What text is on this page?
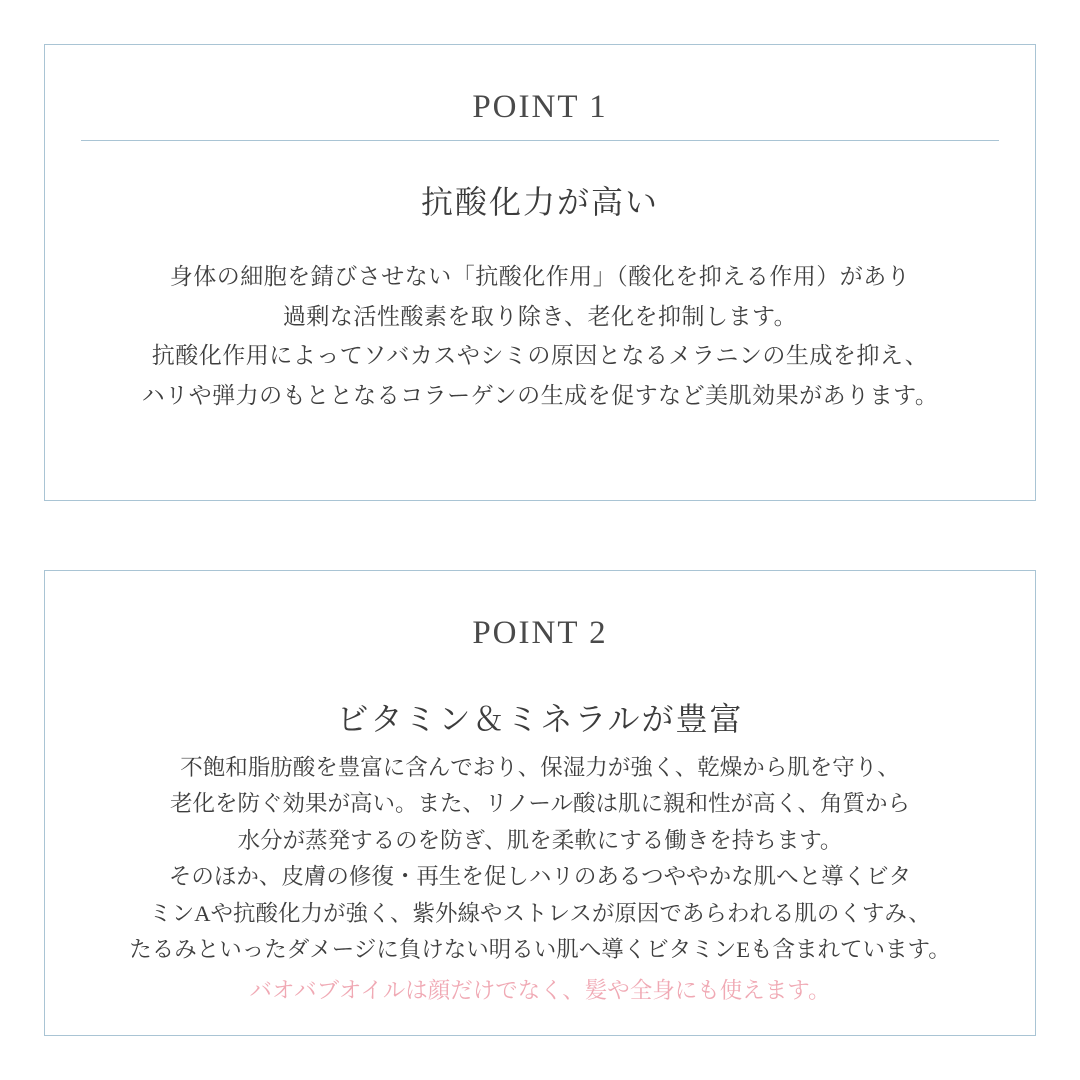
POINT 1
抗酸化力が高い
身体の細胞を錆びさせない「抗酸化作用」（酸化を抑える作用）があり
過剰な活性酸素を取り除き、老化を抑制します。
抗酸化作用によってソバカスやシミの原因となるメラニンの生成を抑え、
ハリや弾力のもととなるコラーゲンの生成を促すなど美肌効果があります。
POINT 2
ビタミン＆ミネラルが豊富
不飽和脂肪酸を豊富に含んでおり、保湿力が強く、乾燥から肌を守り、
老化を防ぐ効果が高い。また、リノール酸は肌に親和性が高く、角質から
水分が蒸発するのを防ぎ、肌を柔軟にする働きを持ちます。
そのほか、皮膚の修復・再生を促しハリのあるつややかな肌へと導くビタ
ミンAや抗酸化力が強く、紫外線やストレスが原因であらわれる肌のくすみ、
たるみといったダメージに負けない明るい肌へ導くビタミンEも含まれています。
バオバブオイルは顔だけでなく、髪や全身にも使えます。
